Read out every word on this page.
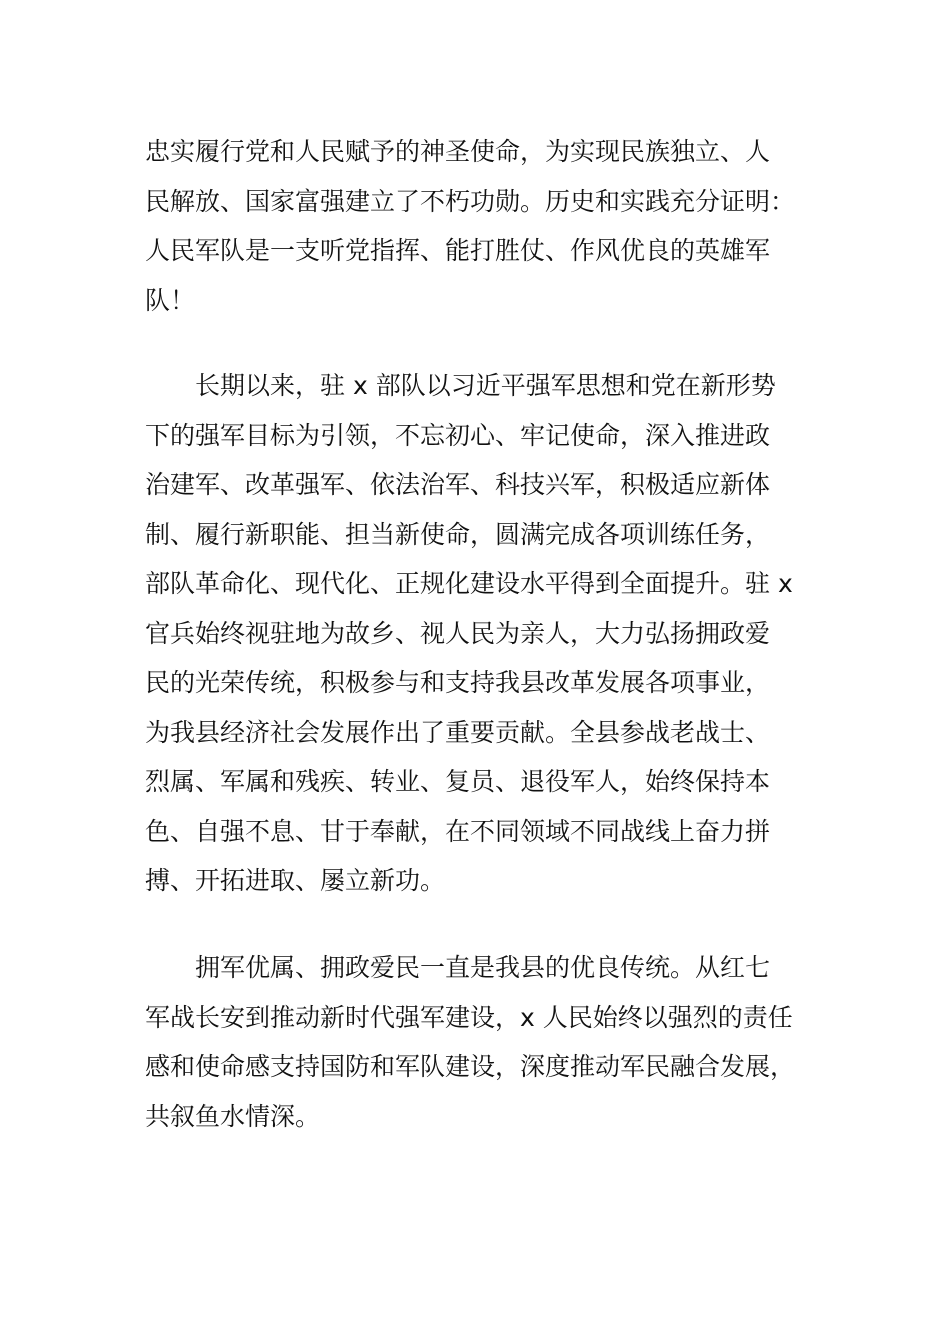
忠实履行党和人民赋予的神圣使命，为实现民族独立、人
民解放、国家富强建立了不朽功勋。历史和实践充分证明：
人民军队是一支听党指挥、能打胜仗、作风优良的英雄军
队！
长期以来，驻 x 部队以习近平强军思想和党在新形势
下的强军目标为引领，不忘初心、牢记使命，深入推进政
治建军、改革强军、依法治军、科技兴军，积极适应新体
制、履行新职能、担当新使命，圆满完成各项训练任务，
部队革命化、现代化、正规化建设水平得到全面提升。驻 x
官兵始终视驻地为故乡、视人民为亲人，大力弘扬拥政爱
民的光荣传统，积极参与和支持我县改革发展各项事业，
为我县经济社会发展作出了重要贡献。全县参战老战士、
烈属、军属和残疾、转业、复员、退役军人，始终保持本
色、自强不息、甘于奉献，在不同领域不同战线上奋力拼
搏、开拓进取、屡立新功。
拥军优属、拥政爱民一直是我县的优良传统。从红七
军战长安到推动新时代强军建设，x 人民始终以强烈的责任
感和使命感支持国防和军队建设，深度推动军民融合发展，
共叙鱼水情深。
